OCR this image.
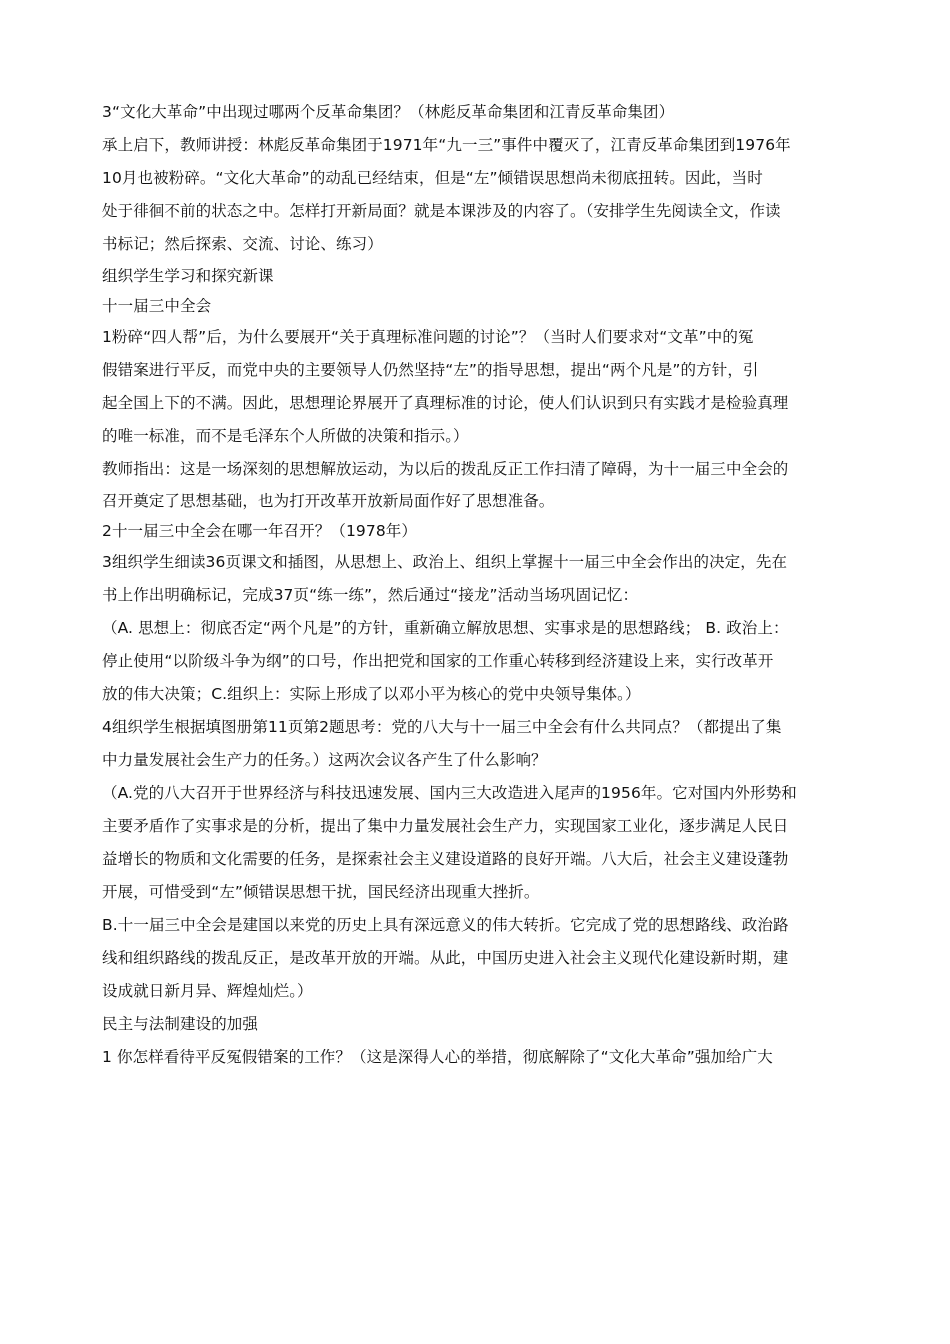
3“文化大革命”中出现过哪两个反革命集团？（林彪反革命集团和江青反革命集团）
承上启下，教师讲授：林彪反革命集团于1971年“九一三”事件中覆灭了，江青反革命集团到1976年
10月也被粉碎。“文化大革命”的动乱已经结束，但是“左”倾错误思想尚未彻底扭转。因此，当时
处于徘徊不前的状态之中。怎样打开新局面？就是本课涉及的内容了。（安排学生先阅读全文，作读
书标记；然后探索、交流、讨论、练习）
组织学生学习和探究新课
十一届三中全会
1粉碎“四人帮”后，为什么要展开“关于真理标准问题的讨论”？（当时人们要求对“文革”中的冤
假错案进行平反，而党中央的主要领导人仍然坚持“左”的指导思想，提出“两个凡是”的方针，引
起全国上下的不满。因此，思想理论界展开了真理标准的讨论，使人们认识到只有实践才是检验真理
的唯一标准，而不是毛泽东个人所做的决策和指示。）
教师指出：这是一场深刻的思想解放运动，为以后的拨乱反正工作扫清了障碍，为十一届三中全会的
召开奠定了思想基础，也为打开改革开放新局面作好了思想准备。
2十一届三中全会在哪一年召开？（1978年）
3组织学生细读36页课文和插图，从思想上、政治上、组织上掌握十一届三中全会作出的决定，先在
书上作出明确标记，完成37页“练一练”，然后通过“接龙”活动当场巩固记忆：
（A. 思想上：彻底否定“两个凡是”的方针，重新确立解放思想、实事求是的思想路线； B. 政治上：
停止使用“以阶级斗争为纲”的口号，作出把党和国家的工作重心转移到经济建设上来，实行改革开
放的伟大决策；C.组织上：实际上形成了以邓小平为核心的党中央领导集体。）
4组织学生根据填图册第11页第2题思考：党的八大与十一届三中全会有什么共同点？（都提出了集
中力量发展社会生产力的任务。）这两次会议各产生了什么影响？
（A.党的八大召开于世界经济与科技迅速发展、国内三大改造进入尾声的1956年。它对国内外形势和
主要矛盾作了实事求是的分析，提出了集中力量发展社会生产力，实现国家工业化，逐步满足人民日
益增长的物质和文化需要的任务，是探索社会主义建设道路的良好开端。八大后，社会主义建设蓬勃
开展，可惜受到“左”倾错误思想干扰，国民经济出现重大挫折。
B.十一届三中全会是建国以来党的历史上具有深远意义的伟大转折。它完成了党的思想路线、政治路
线和组织路线的拨乱反正，是改革开放的开端。从此，中国历史进入社会主义现代化建设新时期，建
设成就日新月异、辉煌灿烂。）
民主与法制建设的加强
1 你怎样看待平反冤假错案的工作？（这是深得人心的举措，彻底解除了“文化大革命”强加给广大
